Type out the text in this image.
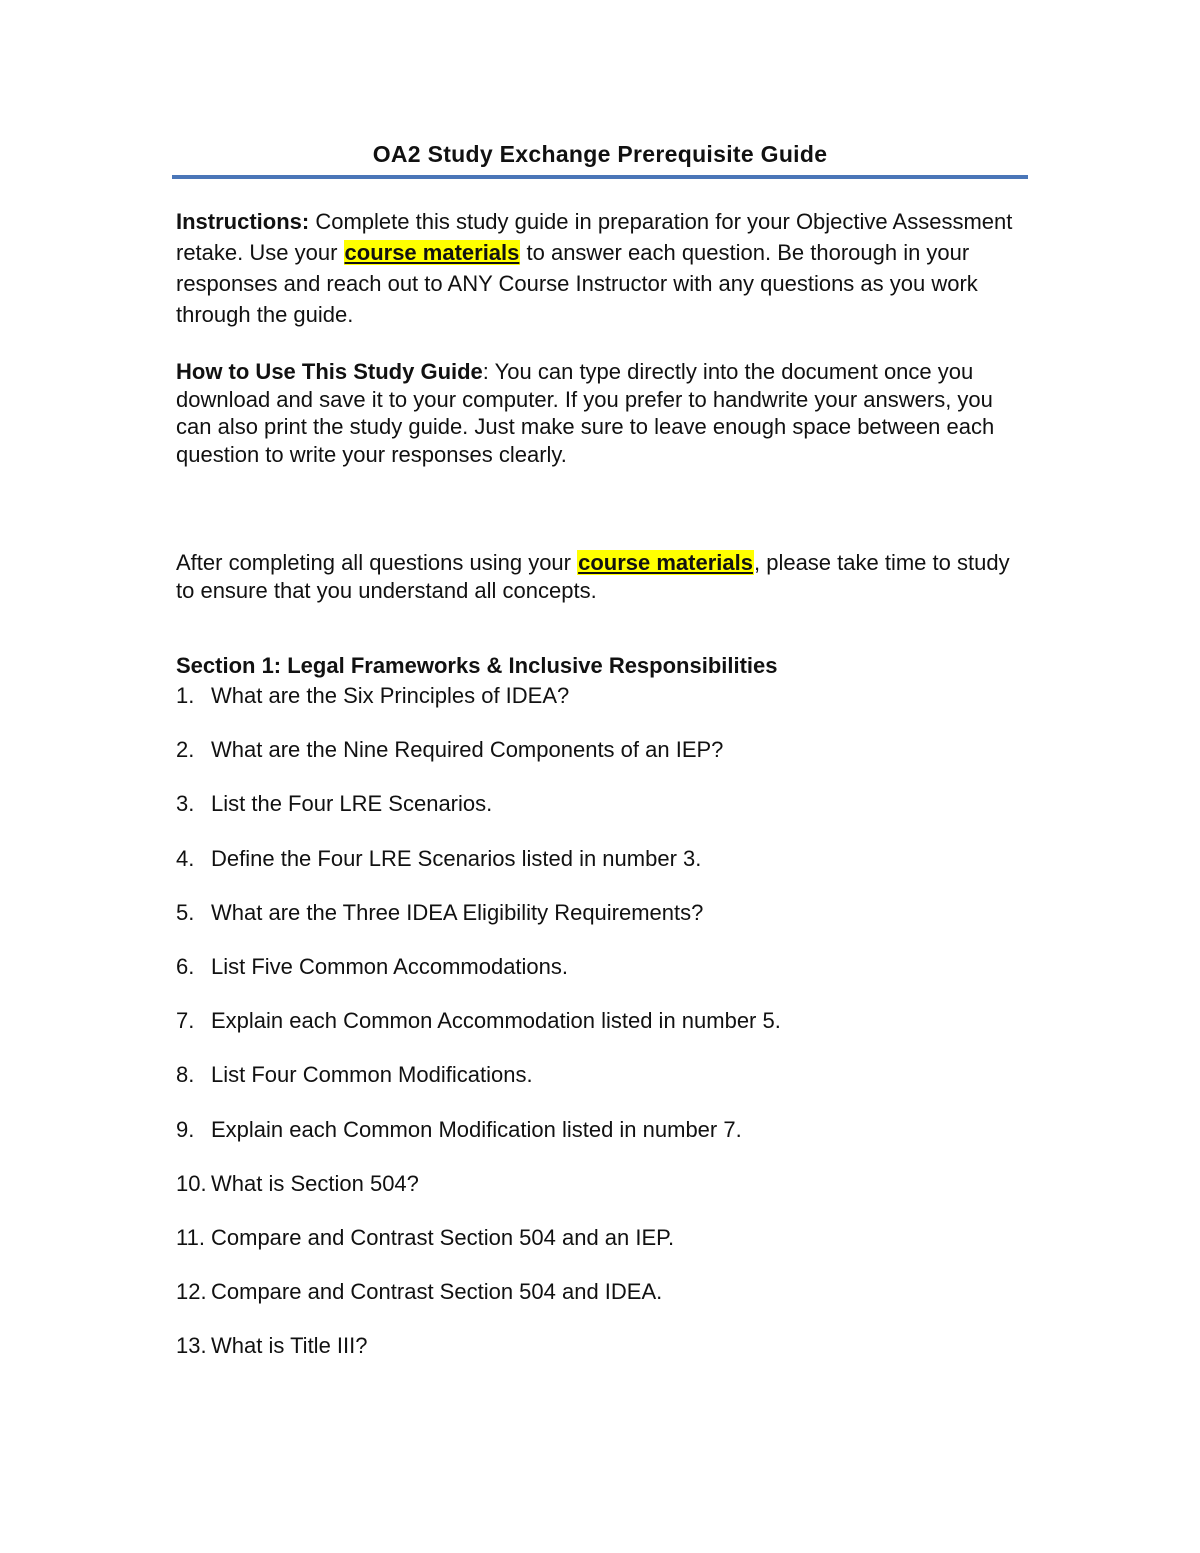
OA2 Study Exchange Prerequisite Guide

Instructions: Complete this study guide in preparation for your Objective Assessment retake. Use your course materials to answer each question. Be thorough in your responses and reach out to ANY Course Instructor with any questions as you work through the guide.

How to Use This Study Guide: You can type directly into the document once you download and save it to your computer. If you prefer to handwrite your answers, you can also print the study guide. Just make sure to leave enough space between each question to write your responses clearly.

After completing all questions using your course materials, please take time to study to ensure that you understand all concepts.

Section 1: Legal Frameworks & Inclusive Responsibilities
1. What are the Six Principles of IDEA?
2. What are the Nine Required Components of an IEP?
3. List the Four LRE Scenarios.
4. Define the Four LRE Scenarios listed in number 3.
5. What are the Three IDEA Eligibility Requirements?
6. List Five Common Accommodations.
7. Explain each Common Accommodation listed in number 5.
8. List Four Common Modifications.
9. Explain each Common Modification listed in number 7.
10. What is Section 504?
11. Compare and Contrast Section 504 and an IEP.
12. Compare and Contrast Section 504 and IDEA.
13. What is Title III?
